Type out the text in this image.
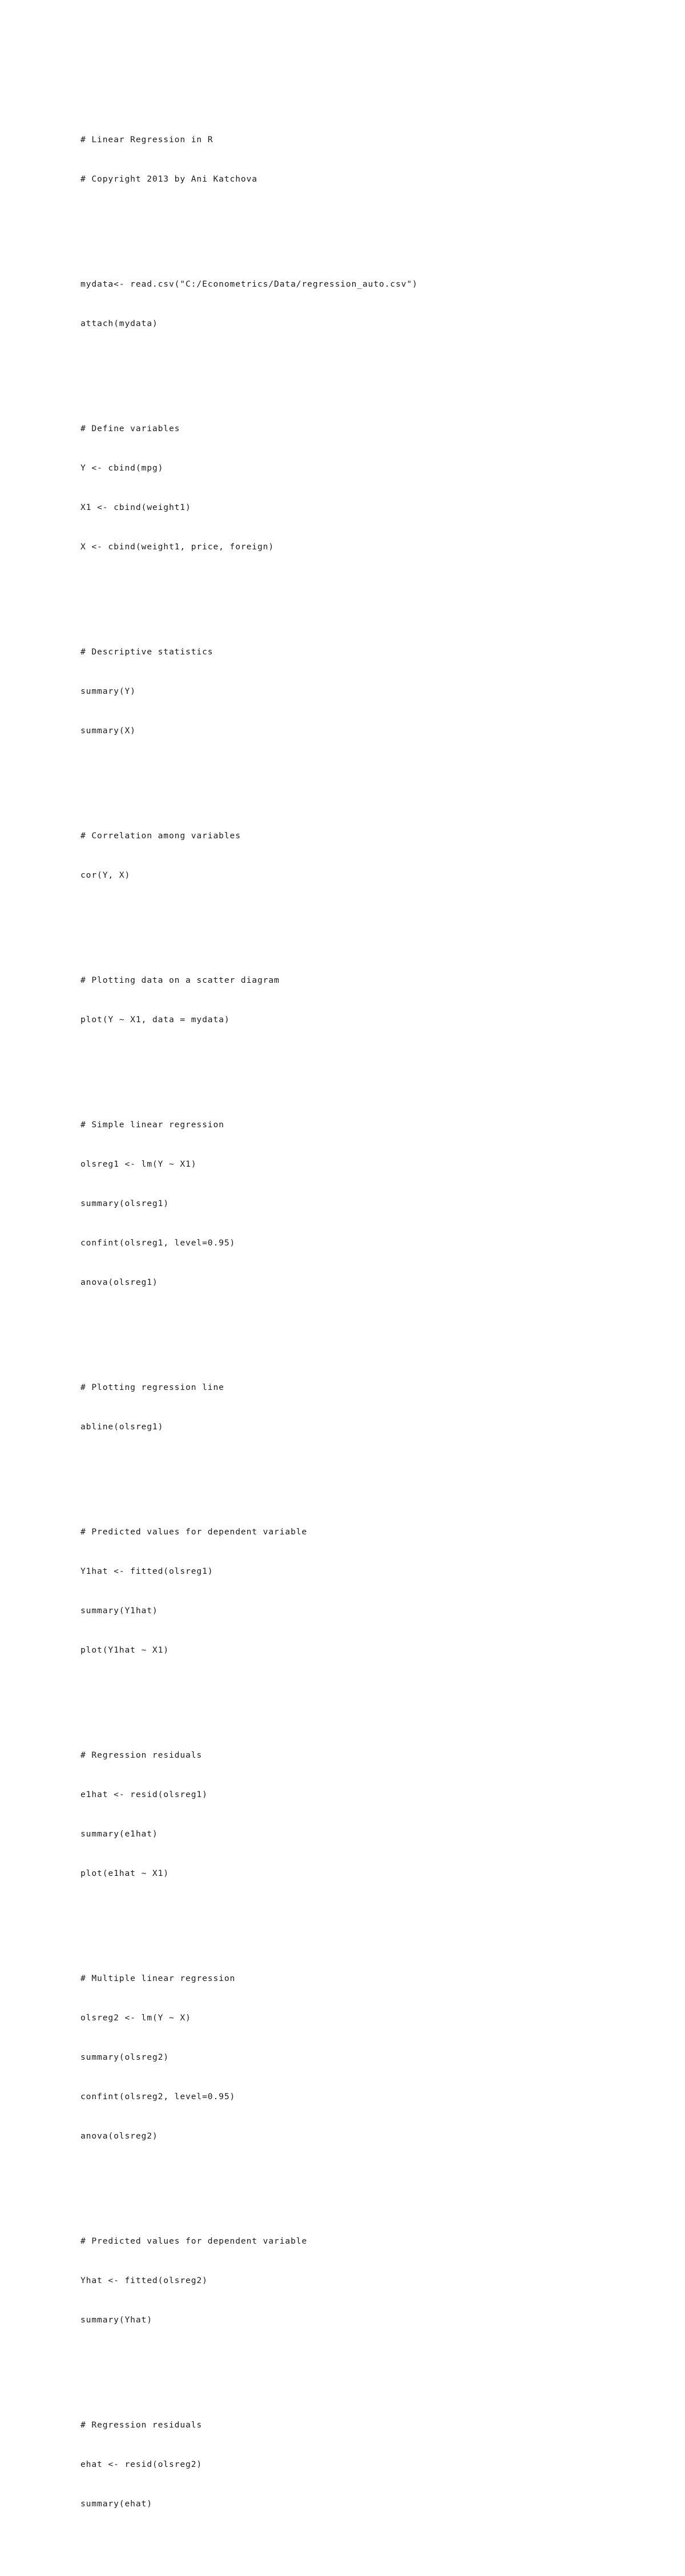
# Linear Regression in R

# Copyright 2013 by Ani Katchova

mydata<- read.csv("C:/Econometrics/Data/regression_auto.csv")

attach(mydata)

# Define variables

Y <- cbind(mpg)

X1 <- cbind(weight1)

X <- cbind(weight1, price, foreign)

# Descriptive statistics

summary(Y)

summary(X)

# Correlation among variables

cor(Y, X)

# Plotting data on a scatter diagram

plot(Y ~ X1, data = mydata)

# Simple linear regression

olsreg1 <- lm(Y ~ X1)

summary(olsreg1)

confint(olsreg1, level=0.95)

anova(olsreg1)

# Plotting regression line

abline(olsreg1)

# Predicted values for dependent variable

Y1hat <- fitted(olsreg1)

summary(Y1hat)

plot(Y1hat ~ X1)

# Regression residuals

e1hat <- resid(olsreg1)

summary(e1hat)

plot(e1hat ~ X1)

# Multiple linear regression

olsreg2 <- lm(Y ~ X)

summary(olsreg2)

confint(olsreg2, level=0.95)

anova(olsreg2)

# Predicted values for dependent variable

Yhat <- fitted(olsreg2)

summary(Yhat)

# Regression residuals

ehat <- resid(olsreg2)

summary(ehat)
